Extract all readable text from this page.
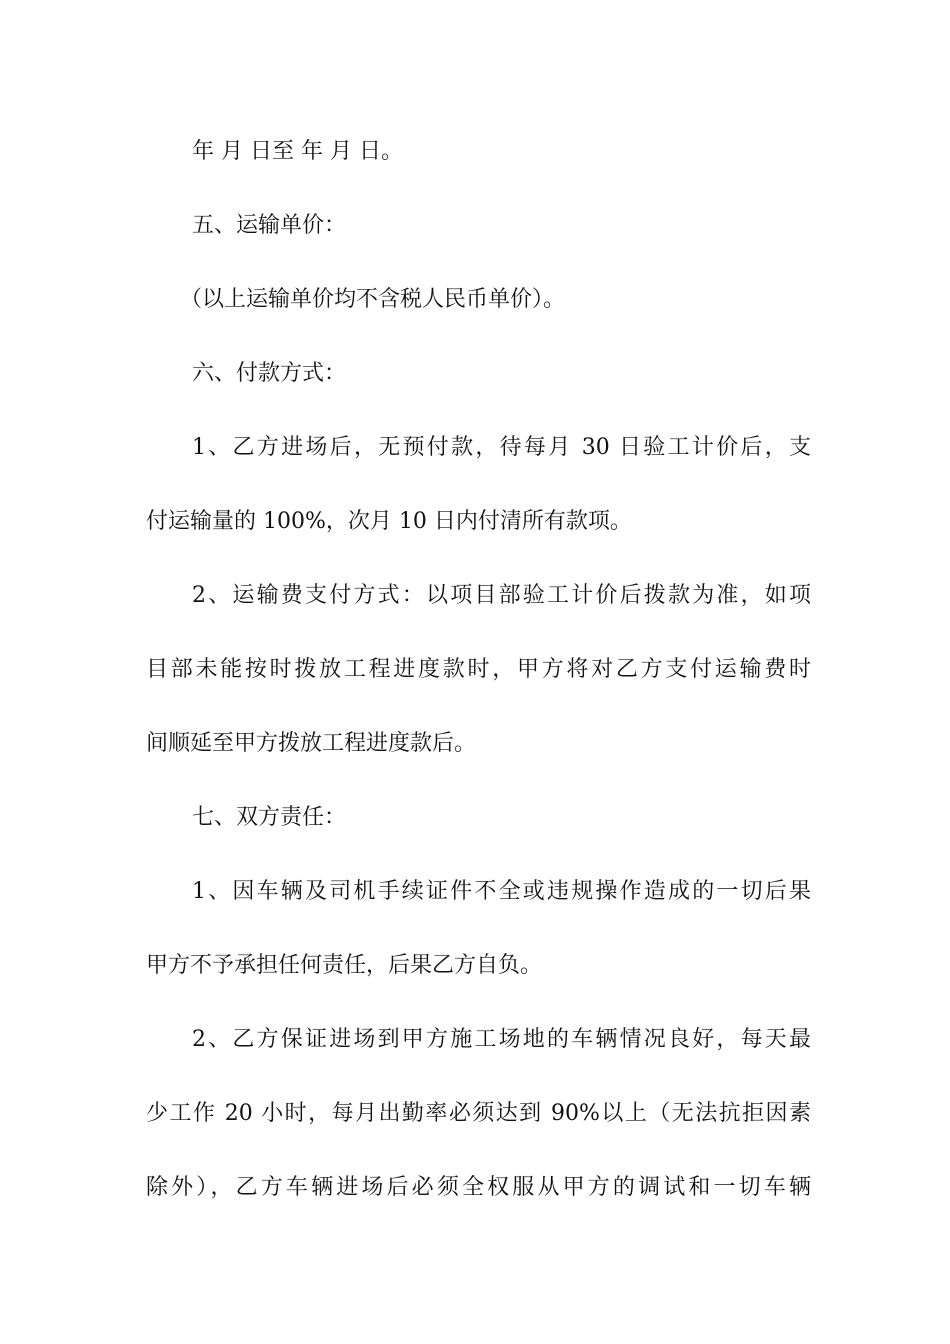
年 月 日至 年 月 日。
五、运输单价：
（以上运输单价均不含税人民币单价）。
六、付款方式：
1、乙方进场后，无预付款，待每月 30 日验工计价后，支
付运输量的 100%，次月 10 日内付清所有款项。
2、运输费支付方式：以项目部验工计价后拨款为准，如项
目部未能按时拨放工程进度款时，甲方将对乙方支付运输费时
间顺延至甲方拨放工程进度款后。
七、双方责任：
1、因车辆及司机手续证件不全或违规操作造成的一切后果
甲方不予承担任何责任，后果乙方自负。
2、乙方保证进场到甲方施工场地的车辆情况良好，每天最
少工作 20 小时，每月出勤率必须达到 90%以上（无法抗拒因素
除外），乙方车辆进场后必须全权服从甲方的调试和一切车辆
